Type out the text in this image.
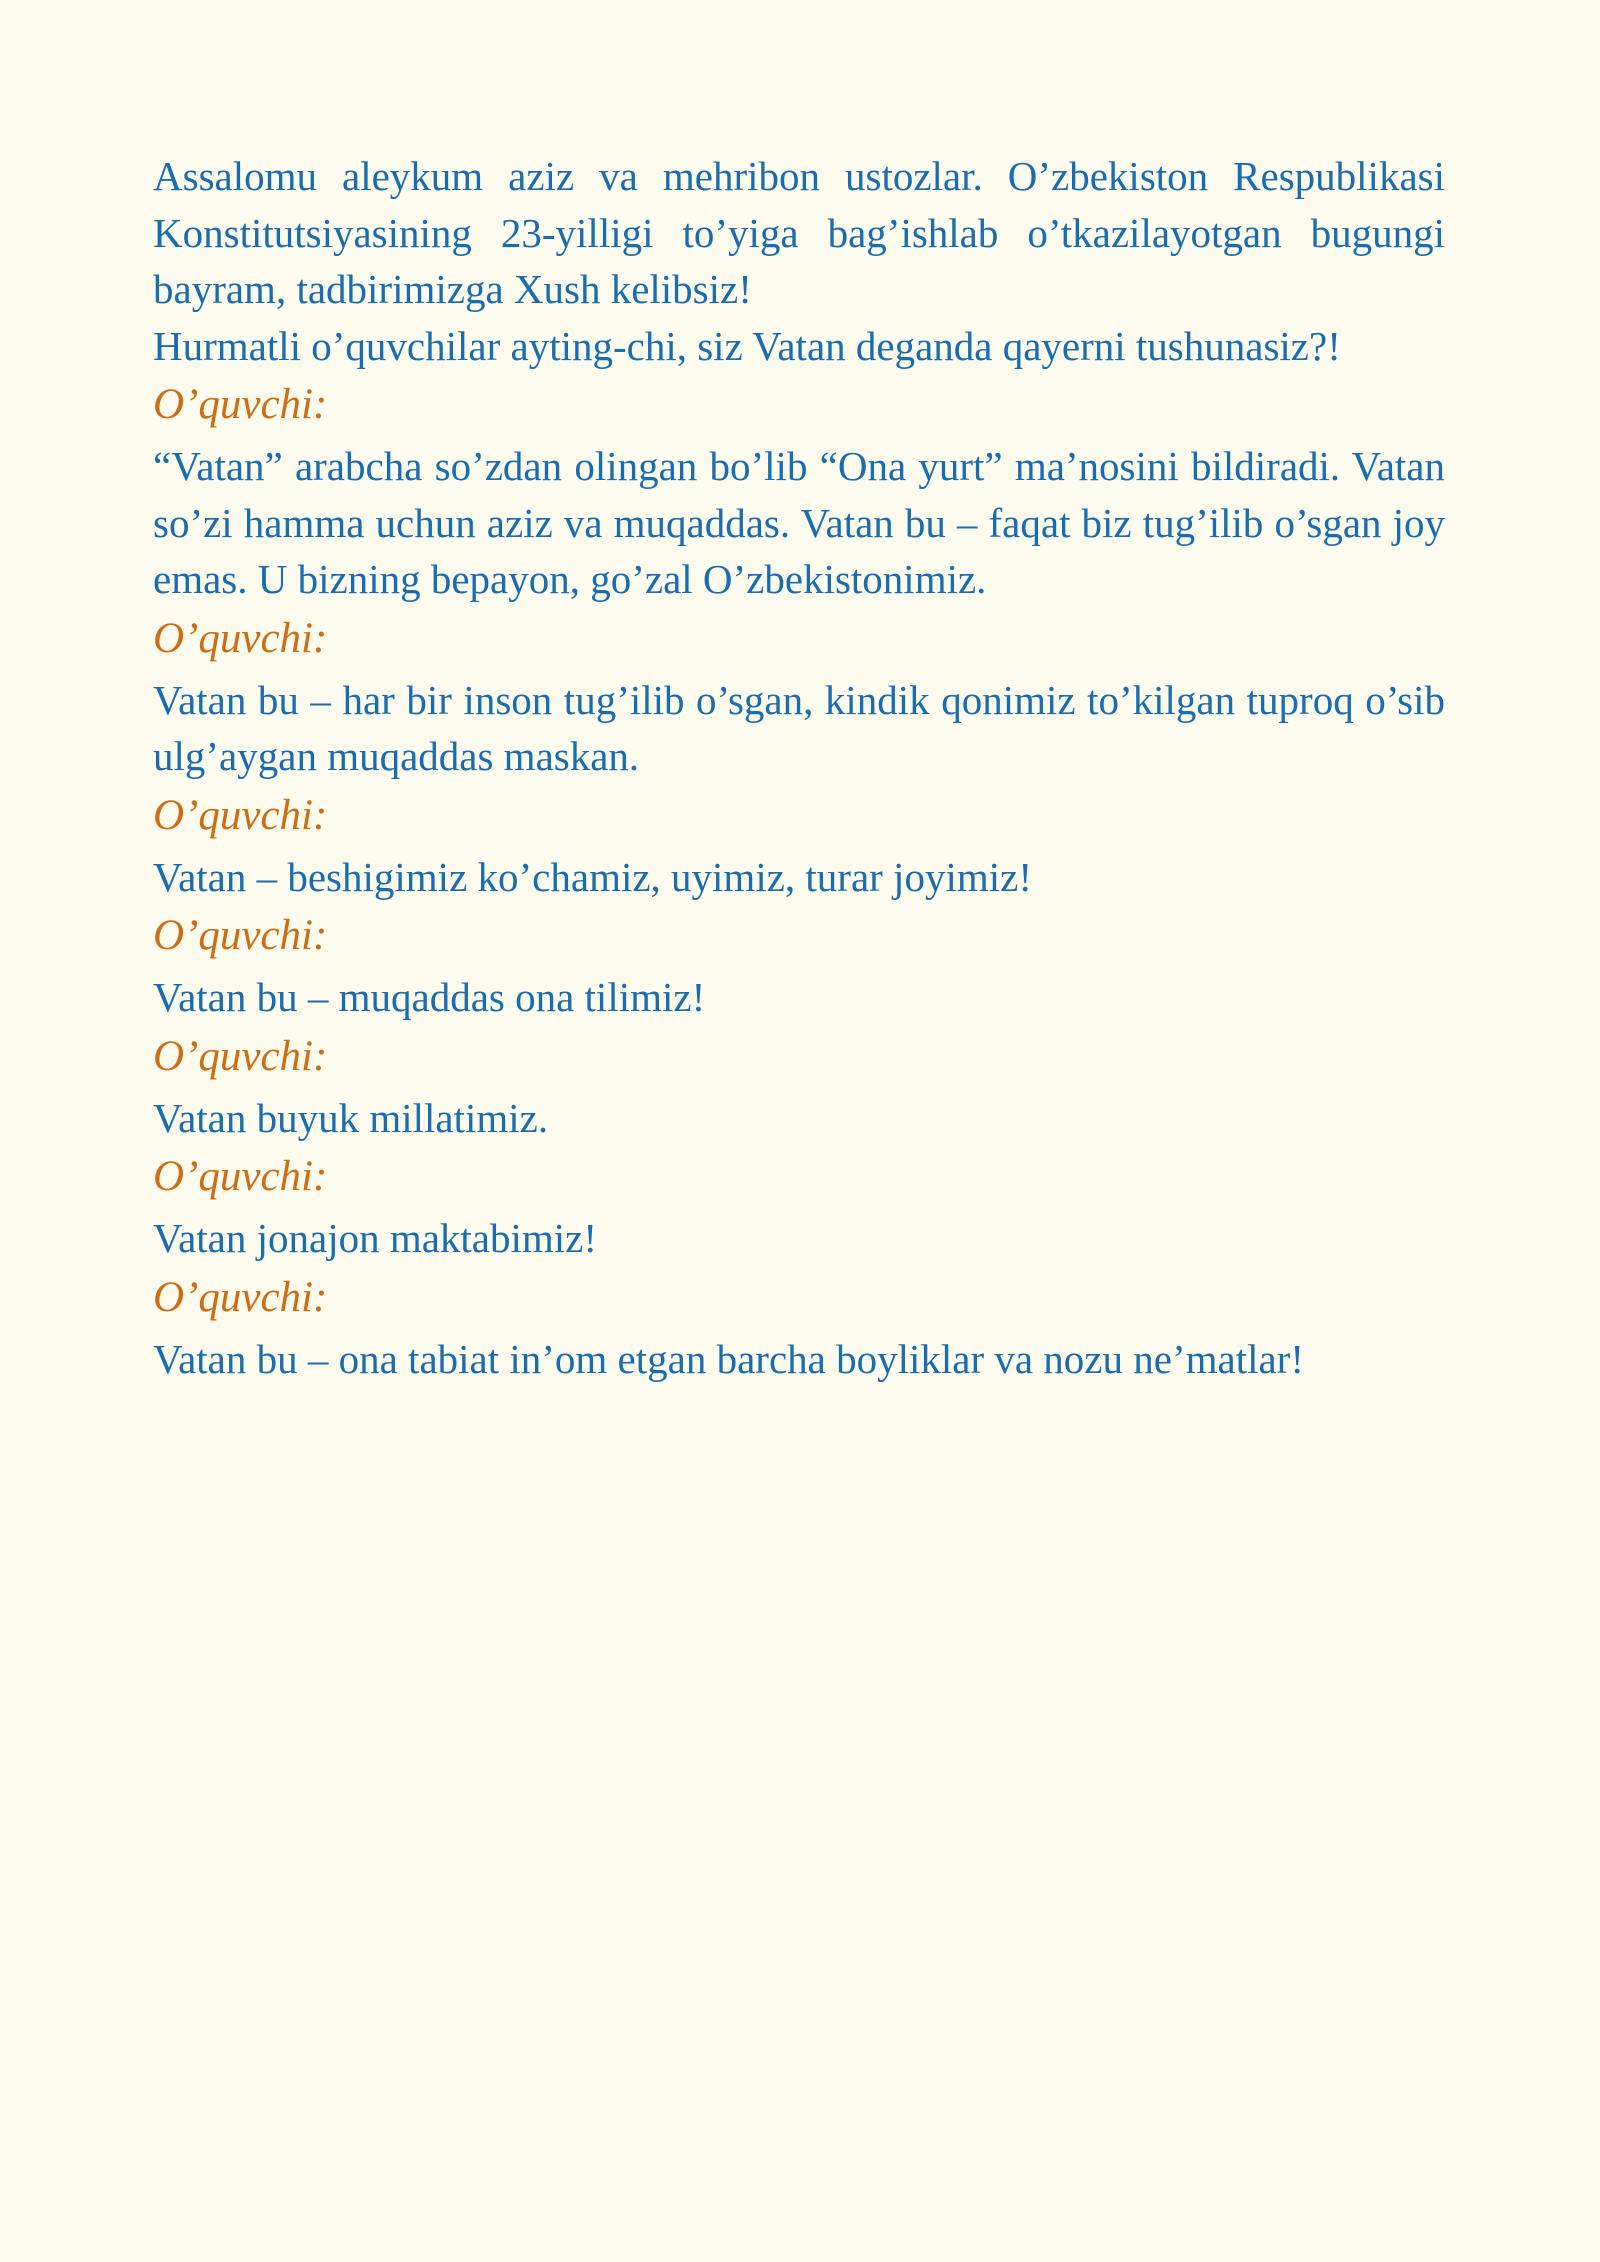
Assalomu aleykum aziz va mehribon ustozlar. O’zbekiston Respublikasi Konstitutsiyasining 23-yilligi to’yiga bag’ishlab o’tkazilayotgan bugungi bayram, tadbirimizga Xush kelibsiz!

Hurmatli o’quvchilar ayting-chi, siz Vatan deganda qayerni tushunasiz?!

O’quvchi:

“Vatan” arabcha so’zdan olingan bo’lib “Ona yurt” ma’nosini bildiradi. Vatan so’zi hamma uchun aziz va muqaddas. Vatan bu – faqat biz tug’ilib o’sgan joy emas. U bizning bepayon, go’zal O’zbekistonimiz.

O’quvchi:

Vatan bu – har bir inson tug’ilib o’sgan, kindik qonimiz to’kilgan tuproq o’sib ulg’aygan muqaddas maskan.

O’quvchi:

Vatan – beshigimiz ko’chamiz, uyimiz, turar joyimiz!

O’quvchi:

Vatan bu – muqaddas ona tilimiz!

O’quvchi:

Vatan buyuk millatimiz.

O’quvchi:

Vatan jonajon maktabimiz!

O’quvchi:

Vatan bu – ona tabiat in’om etgan barcha boyliklar va nozu ne’matlar!
